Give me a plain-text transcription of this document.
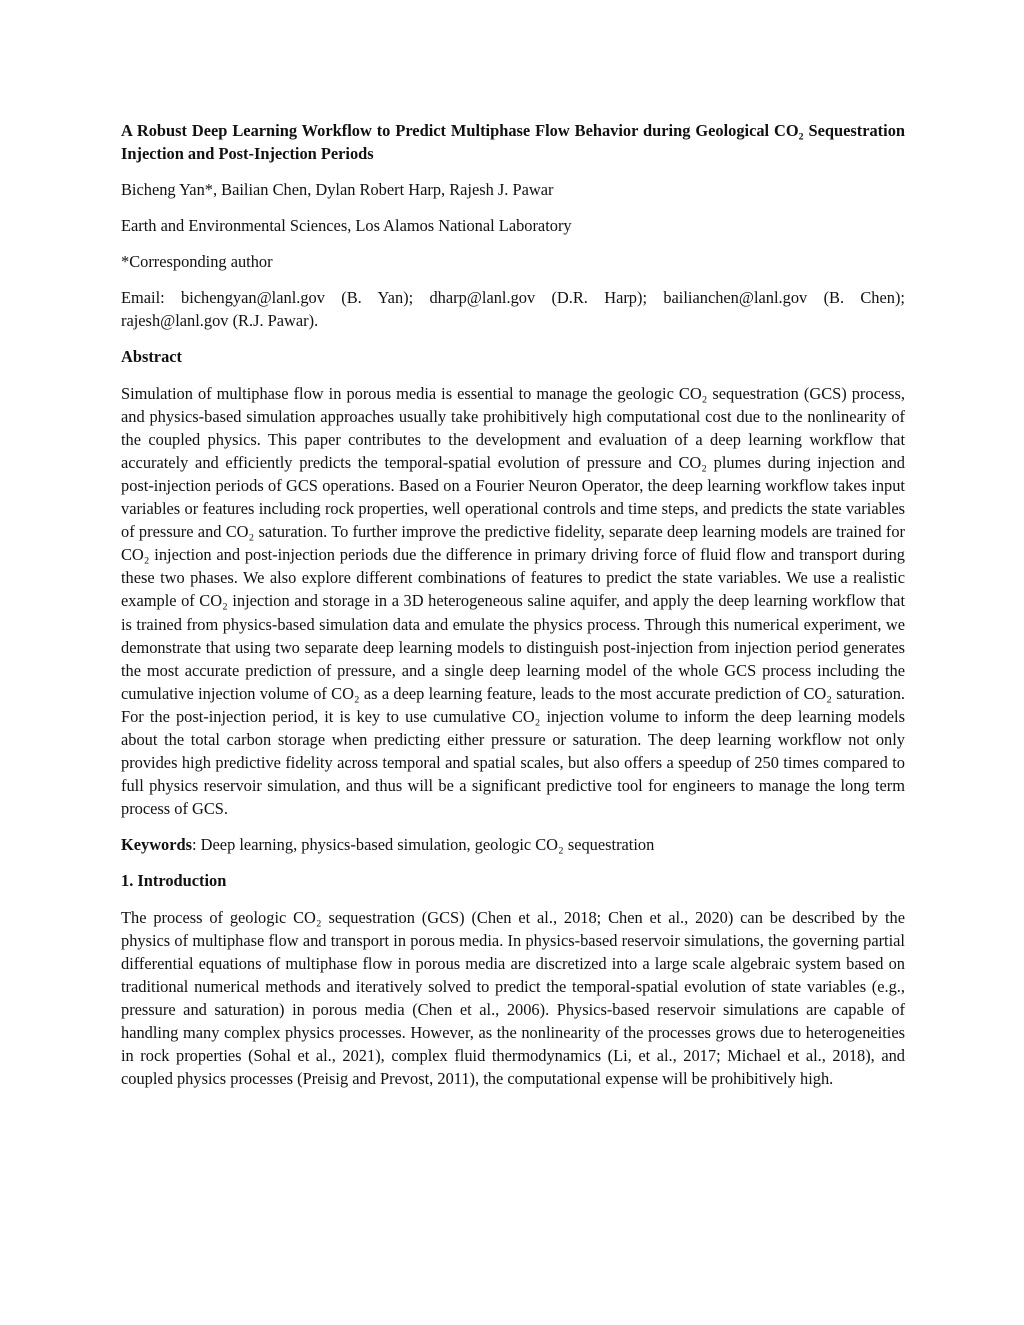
A Robust Deep Learning Workflow to Predict Multiphase Flow Behavior during Geological CO₂ Sequestration Injection and Post-Injection Periods
Bicheng Yan*, Bailian Chen, Dylan Robert Harp, Rajesh J. Pawar
Earth and Environmental Sciences, Los Alamos National Laboratory
*Corresponding author
Email: bichengyan@lanl.gov (B. Yan); dharp@lanl.gov (D.R. Harp); bailianchen@lanl.gov (B. Chen); rajesh@lanl.gov (R.J. Pawar).
Abstract
Simulation of multiphase flow in porous media is essential to manage the geologic CO₂ sequestration (GCS) process, and physics-based simulation approaches usually take prohibitively high computational cost due to the nonlinearity of the coupled physics. This paper contributes to the development and evaluation of a deep learning workflow that accurately and efficiently predicts the temporal-spatial evolution of pressure and CO₂ plumes during injection and post-injection periods of GCS operations. Based on a Fourier Neuron Operator, the deep learning workflow takes input variables or features including rock properties, well operational controls and time steps, and predicts the state variables of pressure and CO₂ saturation. To further improve the predictive fidelity, separate deep learning models are trained for CO₂ injection and post-injection periods due the difference in primary driving force of fluid flow and transport during these two phases. We also explore different combinations of features to predict the state variables. We use a realistic example of CO₂ injection and storage in a 3D heterogeneous saline aquifer, and apply the deep learning workflow that is trained from physics-based simulation data and emulate the physics process. Through this numerical experiment, we demonstrate that using two separate deep learning models to distinguish post-injection from injection period generates the most accurate prediction of pressure, and a single deep learning model of the whole GCS process including the cumulative injection volume of CO₂ as a deep learning feature, leads to the most accurate prediction of CO₂ saturation. For the post-injection period, it is key to use cumulative CO₂ injection volume to inform the deep learning models about the total carbon storage when predicting either pressure or saturation. The deep learning workflow not only provides high predictive fidelity across temporal and spatial scales, but also offers a speedup of 250 times compared to full physics reservoir simulation, and thus will be a significant predictive tool for engineers to manage the long term process of GCS.
Keywords: Deep learning, physics-based simulation, geologic CO₂ sequestration
1. Introduction
The process of geologic CO₂ sequestration (GCS) (Chen et al., 2018; Chen et al., 2020) can be described by the physics of multiphase flow and transport in porous media. In physics-based reservoir simulations, the governing partial differential equations of multiphase flow in porous media are discretized into a large scale algebraic system based on traditional numerical methods and iteratively solved to predict the temporal-spatial evolution of state variables (e.g., pressure and saturation) in porous media (Chen et al., 2006). Physics-based reservoir simulations are capable of handling many complex physics processes. However, as the nonlinearity of the processes grows due to heterogeneities in rock properties (Sohal et al., 2021), complex fluid thermodynamics (Li, et al., 2017; Michael et al., 2018), and coupled physics processes (Preisig and Prevost, 2011), the computational expense will be prohibitively high.
